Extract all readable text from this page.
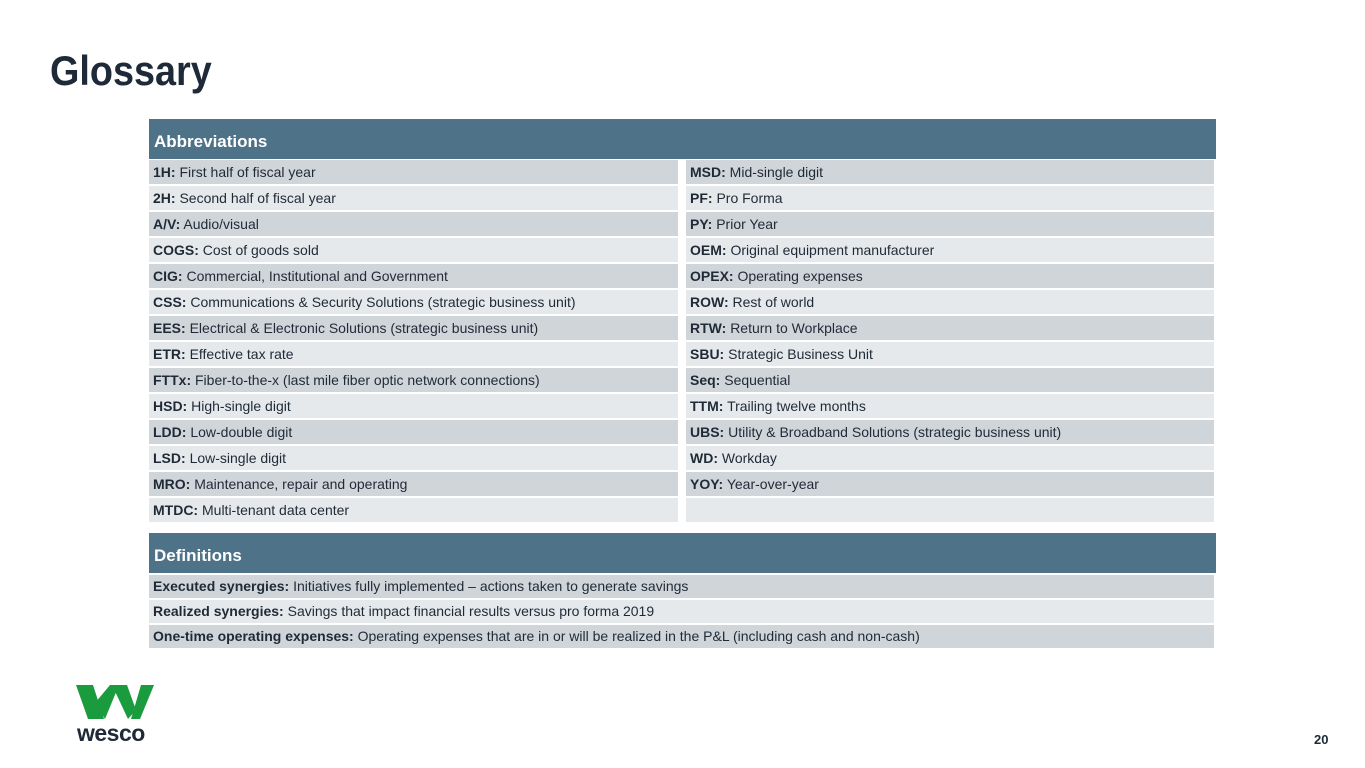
Glossary
Abbreviations
1H: First half of fiscal year	MSD: Mid-single digit
2H: Second half of fiscal year	PF: Pro Forma
A/V: Audio/visual	PY: Prior Year
COGS: Cost of goods sold	OEM: Original equipment manufacturer
CIG: Commercial, Institutional and Government	OPEX: Operating expenses
CSS: Communications & Security Solutions (strategic business unit)	ROW: Rest of world
EES: Electrical & Electronic Solutions (strategic business unit)	RTW: Return to Workplace
ETR: Effective tax rate	SBU: Strategic Business Unit
FTTx: Fiber-to-the-x (last mile fiber optic network connections)	Seq: Sequential
HSD: High-single digit	TTM: Trailing twelve months
LDD: Low-double digit	UBS: Utility & Broadband Solutions (strategic business unit)
LSD: Low-single digit	WD: Workday
MRO: Maintenance, repair and operating	YOY: Year-over-year
MTDC: Multi-tenant data center
Definitions
Executed synergies: Initiatives fully implemented – actions taken to generate savings
Realized synergies: Savings that impact financial results versus pro forma 2019
One-time operating expenses: Operating expenses that are in or will be realized in the P&L (including cash and non-cash)
wesco	20
